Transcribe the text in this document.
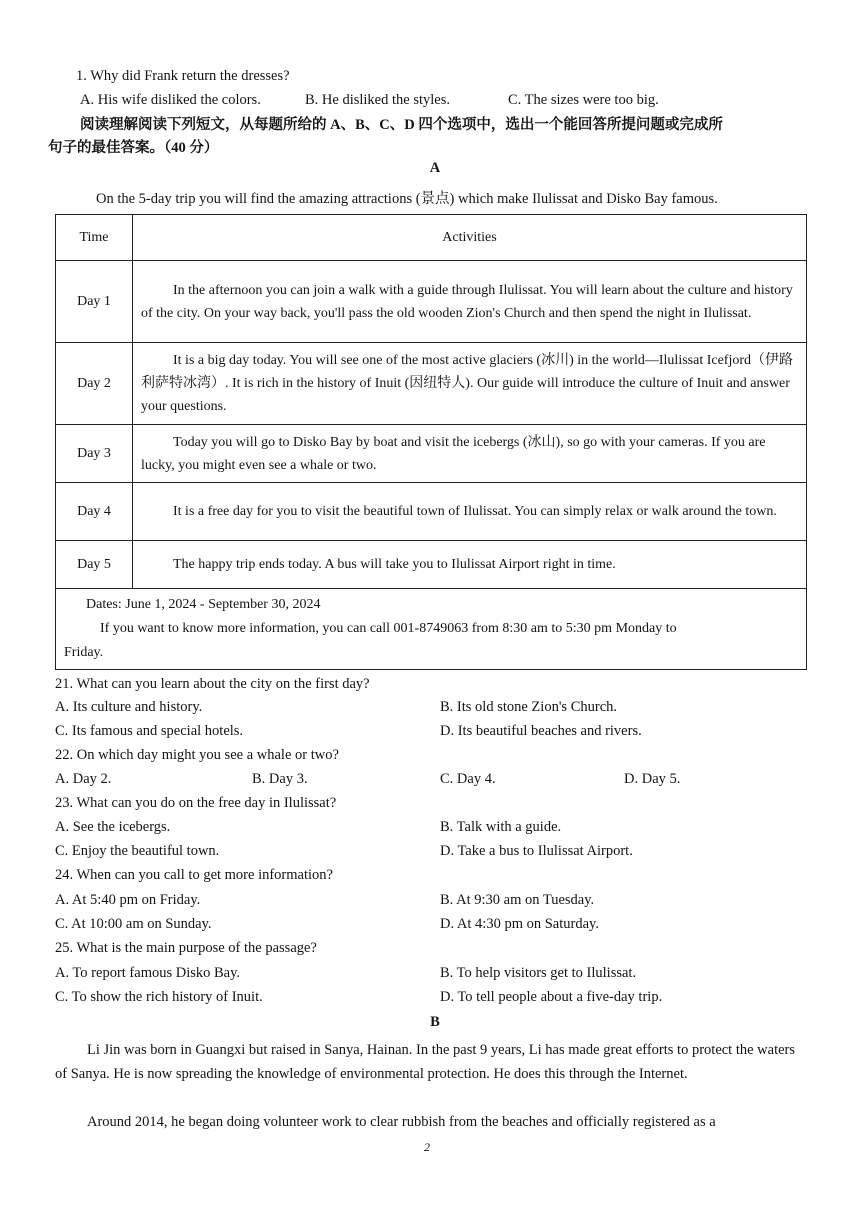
1. Why did Frank return the dresses?
A. His wife disliked the colors.	B. He disliked the styles.	C. The sizes were too big.
阅读理解阅读下列短文，从每题所给的 A、B、C、D 四个选项中，选出一个能回答所提问题或完成所
句子的最佳答案。（40 分）
A
On the 5-day trip you will find the amazing attractions (景点) which make Ilulissat and Disko Bay famous.
Time	Activities
Day 1	In the afternoon you can join a walk with a guide through Ilulissat. You will learn about the culture and history of the city. On your way back, you'll pass the old wooden Zion's Church and then spend the night in Ilulissat.
Day 2	It is a big day today. You will see one of the most active glaciers (冰川) in the world—Ilulissat Icefjord（伊路利萨特冰湾）. It is rich in the history of Inuit (因纽特人). Our guide will introduce the culture of Inuit and answer your questions.
Day 3	Today you will go to Disko Bay by boat and visit the icebergs (冰山), so go with your cameras. If you are lucky, you might even see a whale or two.
Day 4	It is a free day for you to visit the beautiful town of Ilulissat. You can simply relax or walk around the town.
Day 5	The happy trip ends today. A bus will take you to Ilulissat Airport right in time.

Dates: June 1, 2024 - September 30, 2024
If you want to know more information, you can call 001-8749063 from 8:30 am to 5:30 pm Monday to
Friday.	
21. What can you learn about the city on the first day?
A. Its culture and history.	B. Its old stone Zion's Church.
C. Its famous and special hotels.	D. Its beautiful beaches and rivers.
22. On which day might you see a whale or two?
A. Day 2.	B. Day 3.	C. Day 4.	D. Day 5.
23. What can you do on the free day in Ilulissat?
A. See the icebergs.	B. Talk with a guide.
C. Enjoy the beautiful town.	D. Take a bus to Ilulissat Airport.
24. When can you call to get more information?
A. At 5:40 pm on Friday.	B. At 9:30 am on Tuesday.
C. At 10:00 am on Sunday.	D. At 4:30 pm on Saturday.
25. What is the main purpose of the passage?
A. To report famous Disko Bay.	B. To help visitors get to Ilulissat.
C. To show the rich history of Inuit.	D. To tell people about a five-day trip.
B
Li Jin was born in Guangxi but raised in Sanya, Hainan. In the past 9 years, Li has made great efforts to protect the waters of Sanya. He is now spreading the knowledge of environmental protection. He does this through the Internet.
Around 2014, he began doing volunteer work to clear rubbish from the beaches and officially registered as a
2
